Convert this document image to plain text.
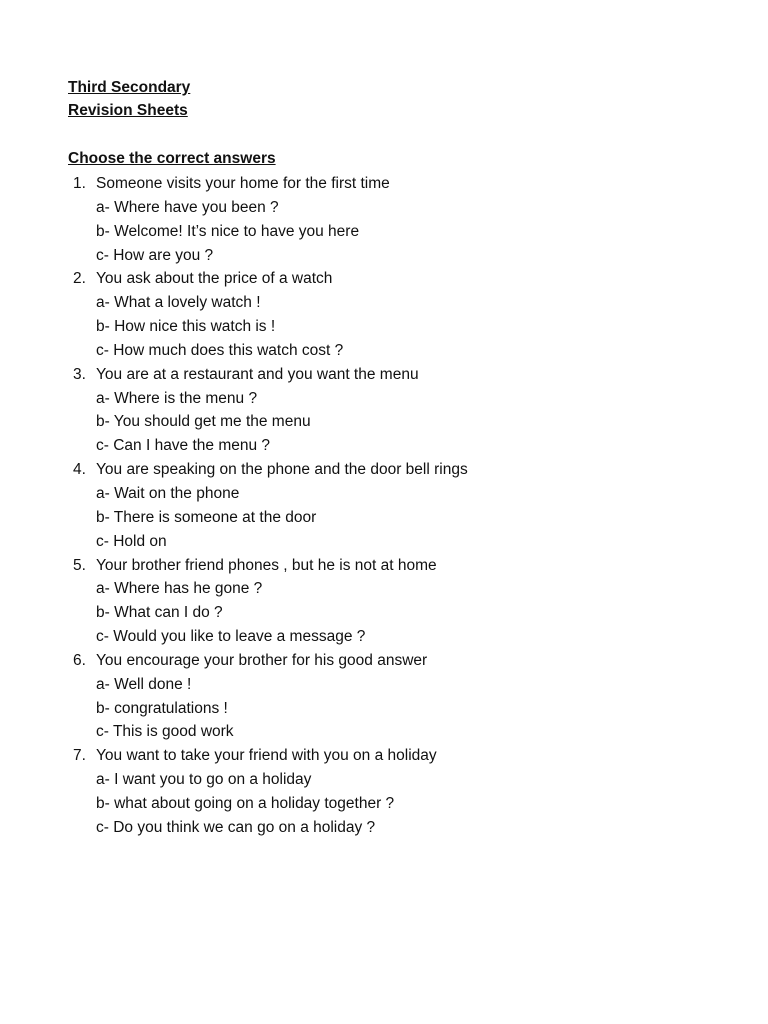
Third Secondary
Revision Sheets
Choose the correct answers
1. Someone visits your home for the first time
a- Where have you been ?
b- Welcome! It’s nice to have you here
c- How are you ?
2. You ask about the price of a watch
a- What a lovely watch !
b- How nice this watch is !
c- How much does this watch cost ?
3. You are at a restaurant and you want the menu
a- Where is the menu ?
b- You should get me the menu
c- Can I have the menu ?
4. You are speaking on the phone and the door bell rings
a- Wait on the phone
b- There is someone at the door
c- Hold on
5. Your brother friend phones , but he is not at home
a- Where has he gone ?
b- What can I do ?
c- Would you like to leave a message ?
6. You encourage your brother for his good answer
a- Well done !
b- congratulations !
c- This is good work
7. You want to take your friend with you on a holiday
a- I want you to go on a holiday
b- what about going on a holiday together ?
c- Do you think we can go on a holiday ?
